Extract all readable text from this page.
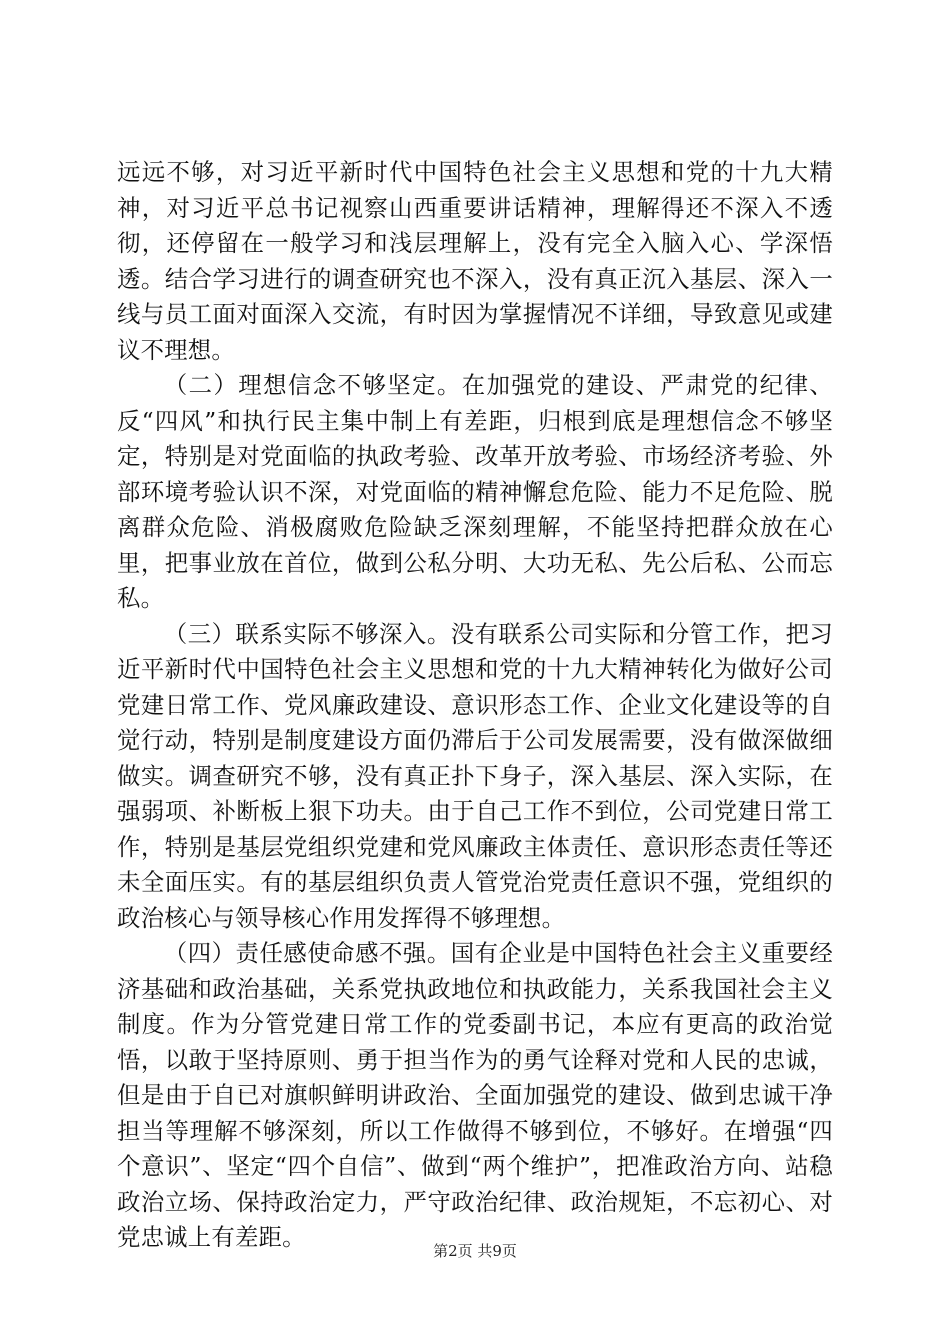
远远不够，对习近平新时代中国特色社会主义思想和党的十九大精神，对习近平总书记视察山西重要讲话精神，理解得还不深入不透彻，还停留在一般学习和浅层理解上，没有完全入脑入心、学深悟透。结合学习进行的调查研究也不深入，没有真正沉入基层、深入一线与员工面对面深入交流，有时因为掌握情况不详细，导致意见或建议不理想。

（二）理想信念不够坚定。在加强党的建设、严肃党的纪律、反“四风”和执行民主集中制上有差距，归根到底是理想信念不够坚定，特别是对党面临的执政考验、改革开放考验、市场经济考验、外部环境考验认识不深，对党面临的精神懈怠危险、能力不足危险、脱离群众危险、消极腐败危险缺乏深刻理解，不能坚持把群众放在心里，把事业放在首位，做到公私分明、大功无私、先公后私、公而忘私。

（三）联系实际不够深入。没有联系公司实际和分管工作，把习近平新时代中国特色社会主义思想和党的十九大精神转化为做好公司党建日常工作、党风廉政建设、意识形态工作、企业文化建设等的自觉行动，特别是制度建设方面仍滞后于公司发展需要，没有做深做细做实。调查研究不够，没有真正扑下身子，深入基层、深入实际，在强弱项、补断板上狠下功夫。由于自己工作不到位，公司党建日常工作，特别是基层党组织党建和党风廉政主体责任、意识形态责任等还未全面压实。有的基层组织负责人管党治党责任意识不强，党组织的政治核心与领导核心作用发挥得不够理想。

（四）责任感使命感不强。国有企业是中国特色社会主义重要经济基础和政治基础，关系党执政地位和执政能力，关系我国社会主义制度。作为分管党建日常工作的党委副书记，本应有更高的政治觉悟，以敢于坚持原则、勇于担当作为的勇气诠释对党和人民的忠诚，但是由于自已对旗帜鲜明讲政治、全面加强党的建设、做到忠诚干净担当等理解不够深刻，所以工作做得不够到位，不够好。在增强“四个意识”、坚定“四个自信”、做到“两个维护”，把准政治方向、站稳政治立场、保持政治定力，严守政治纪律、政治规矩，不忘初心、对党忠诚上有差距。	第2页 共9页
